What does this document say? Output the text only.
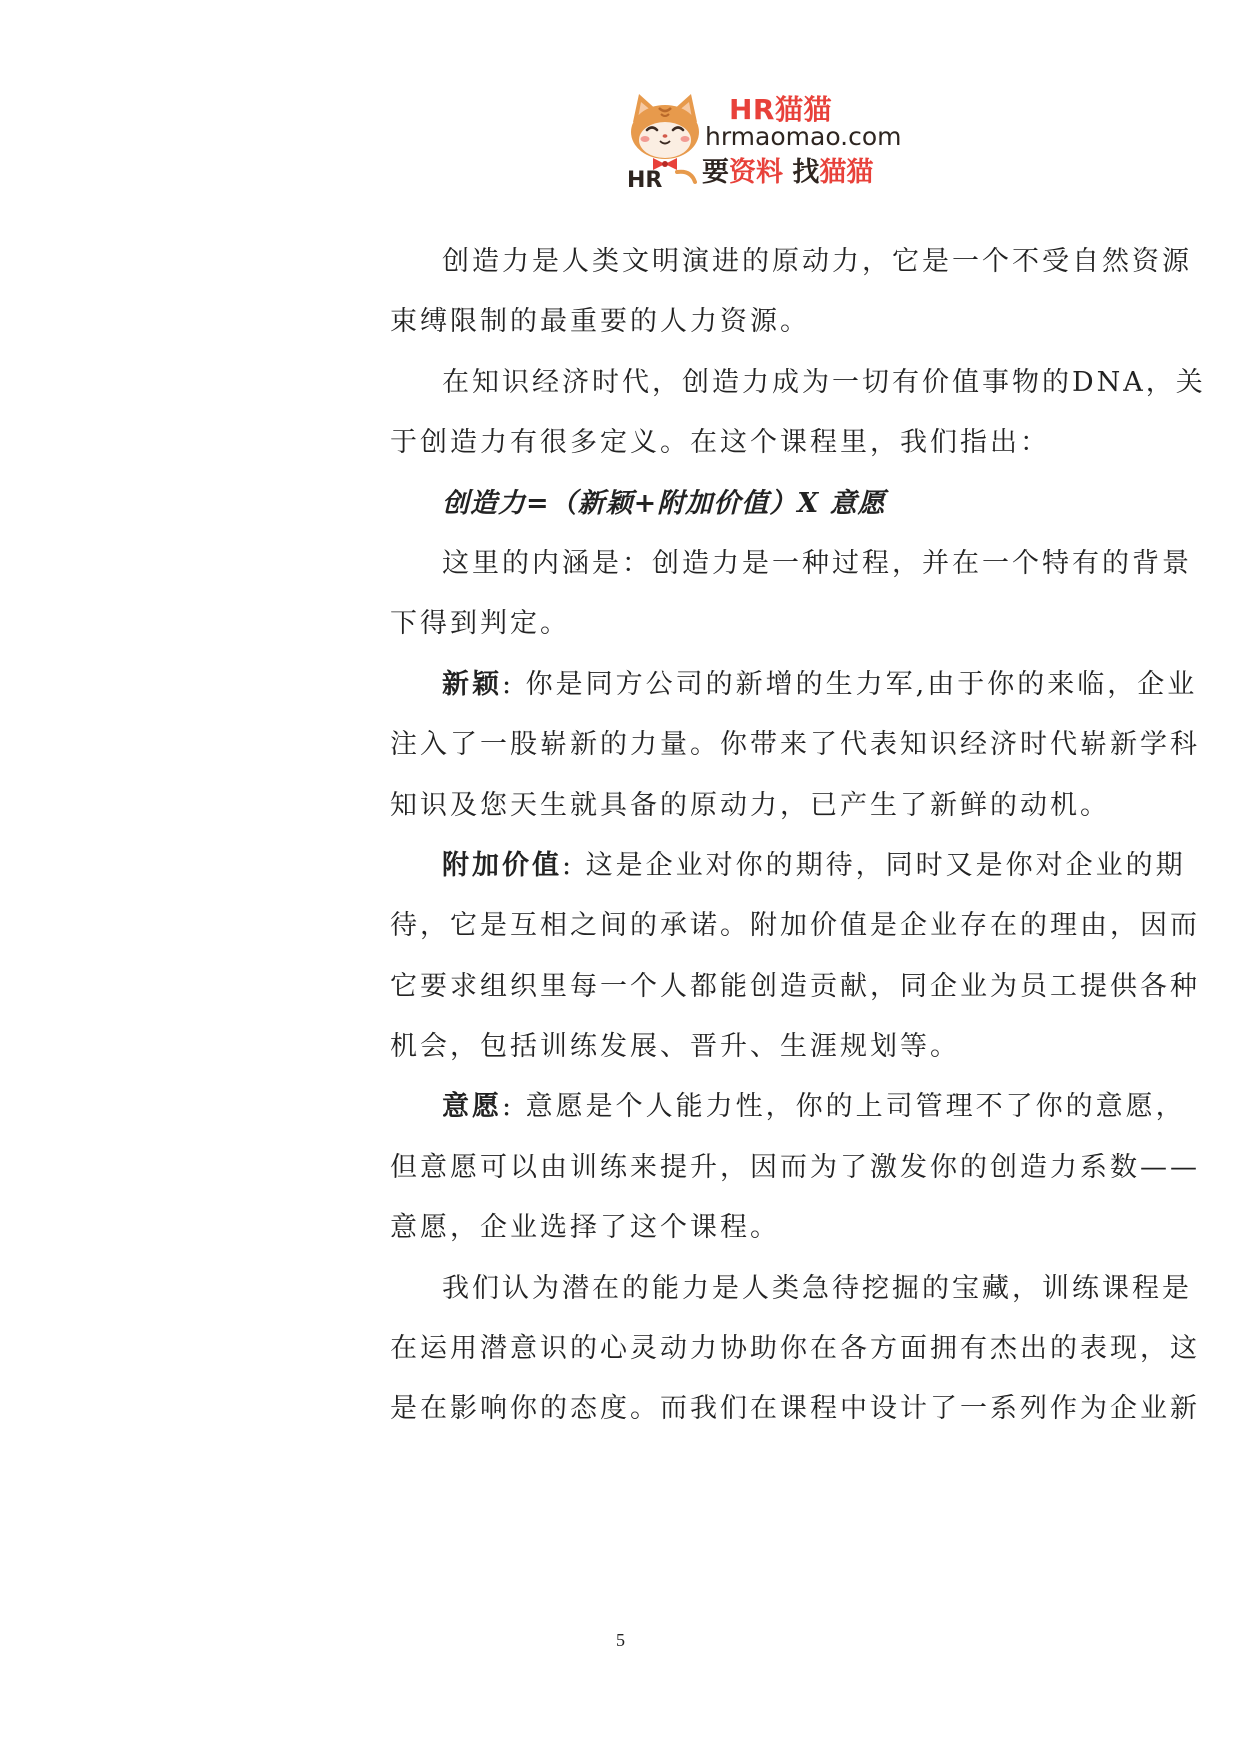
HR
HR猫猫
hrmaomao.com
要资料 找猫猫
创造力是人类文明演进的原动力，它是一个不受自然资源
束缚限制的最重要的人力资源。
在知识经济时代，创造力成为一切有价值事物的DNA，关
于创造力有很多定义。在这个课程里，我们指出：
创造力=（新颖+附加价值）X 意愿
这里的内涵是：创造力是一种过程，并在一个特有的背景
下得到判定。
新颖: 你是同方公司的新增的生力军,由于你的来临，企业
注入了一股崭新的力量。你带来了代表知识经济时代崭新学科
知识及您天生就具备的原动力，已产生了新鲜的动机。
附加价值: 这是企业对你的期待，同时又是你对企业的期
待，它是互相之间的承诺。附加价值是企业存在的理由，因而
它要求组织里每一个人都能创造贡献，同企业为员工提供各种
机会，包括训练发展、晋升、生涯规划等。
意愿: 意愿是个人能力性，你的上司管理不了你的意愿，
但意愿可以由训练来提升，因而为了激发你的创造力系数——
意愿，企业选择了这个课程。
我们认为潜在的能力是人类急待挖掘的宝藏，训练课程是
在运用潜意识的心灵动力协助你在各方面拥有杰出的表现，这
是在影响你的态度。而我们在课程中设计了一系列作为企业新
5
